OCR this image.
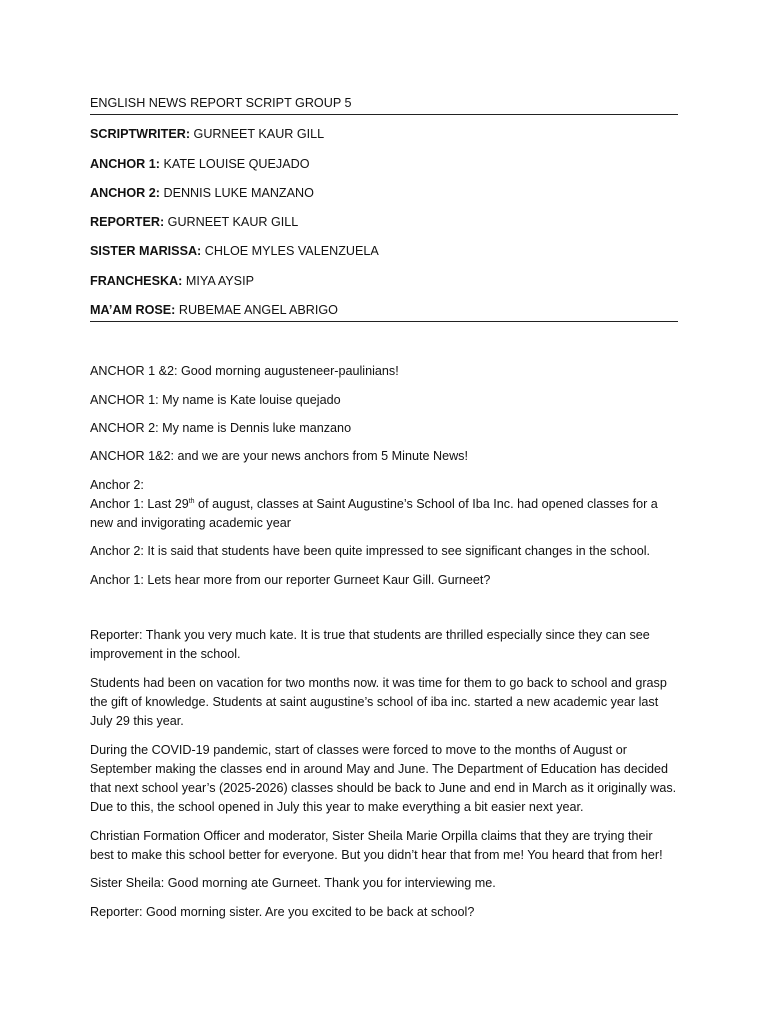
ENGLISH NEWS REPORT SCRIPT GROUP 5

SCRIPTWRITER: GURNEET KAUR GILL

ANCHOR 1: KATE LOUISE QUEJADO

ANCHOR 2: DENNIS LUKE MANZANO

REPORTER: GURNEET KAUR GILL

SISTER MARISSA: CHLOE MYLES VALENZUELA

FRANCHESKA: MIYA AYSIP

MA’AM ROSE: RUBEMAE ANGEL ABRIGO

ANCHOR 1 &2: Good morning augusteneer-paulinians!

ANCHOR 1: My name is Kate louise quejado

ANCHOR 2: My name is Dennis luke manzano

ANCHOR 1&2: and we are your news anchors from 5 Minute News!

Anchor 2:

Anchor 1: Last 29th of august, classes at Saint Augustine’s School of Iba Inc. had opened classes for a new and invigorating academic year

Anchor 2: It is said that students have been quite impressed to see significant changes in the school.

Anchor 1: Lets hear more from our reporter Gurneet Kaur Gill. Gurneet?

Reporter: Thank you very much kate. It is true that students are thrilled especially since they can see improvement in the school.

Students had been on vacation for two months now. it was time for them to go back to school and grasp the gift of knowledge. Students at saint augustine’s school of iba inc. started a new academic year last July 29 this year.

During the COVID-19 pandemic, start of classes were forced to move to the months of August or September making the classes end in around May and June. The Department of Education has decided that next school year’s (2025-2026) classes should be back to June and end in March as it originally was. Due to this, the school opened in July this year to make everything a bit easier next year.

Christian Formation Officer and moderator, Sister Sheila Marie Orpilla claims that they are trying their best to make this school better for everyone. But you didn’t hear that from me! You heard that from her!

Sister Sheila: Good morning ate Gurneet. Thank you for interviewing me.

Reporter: Good morning sister. Are you excited to be back at school?
